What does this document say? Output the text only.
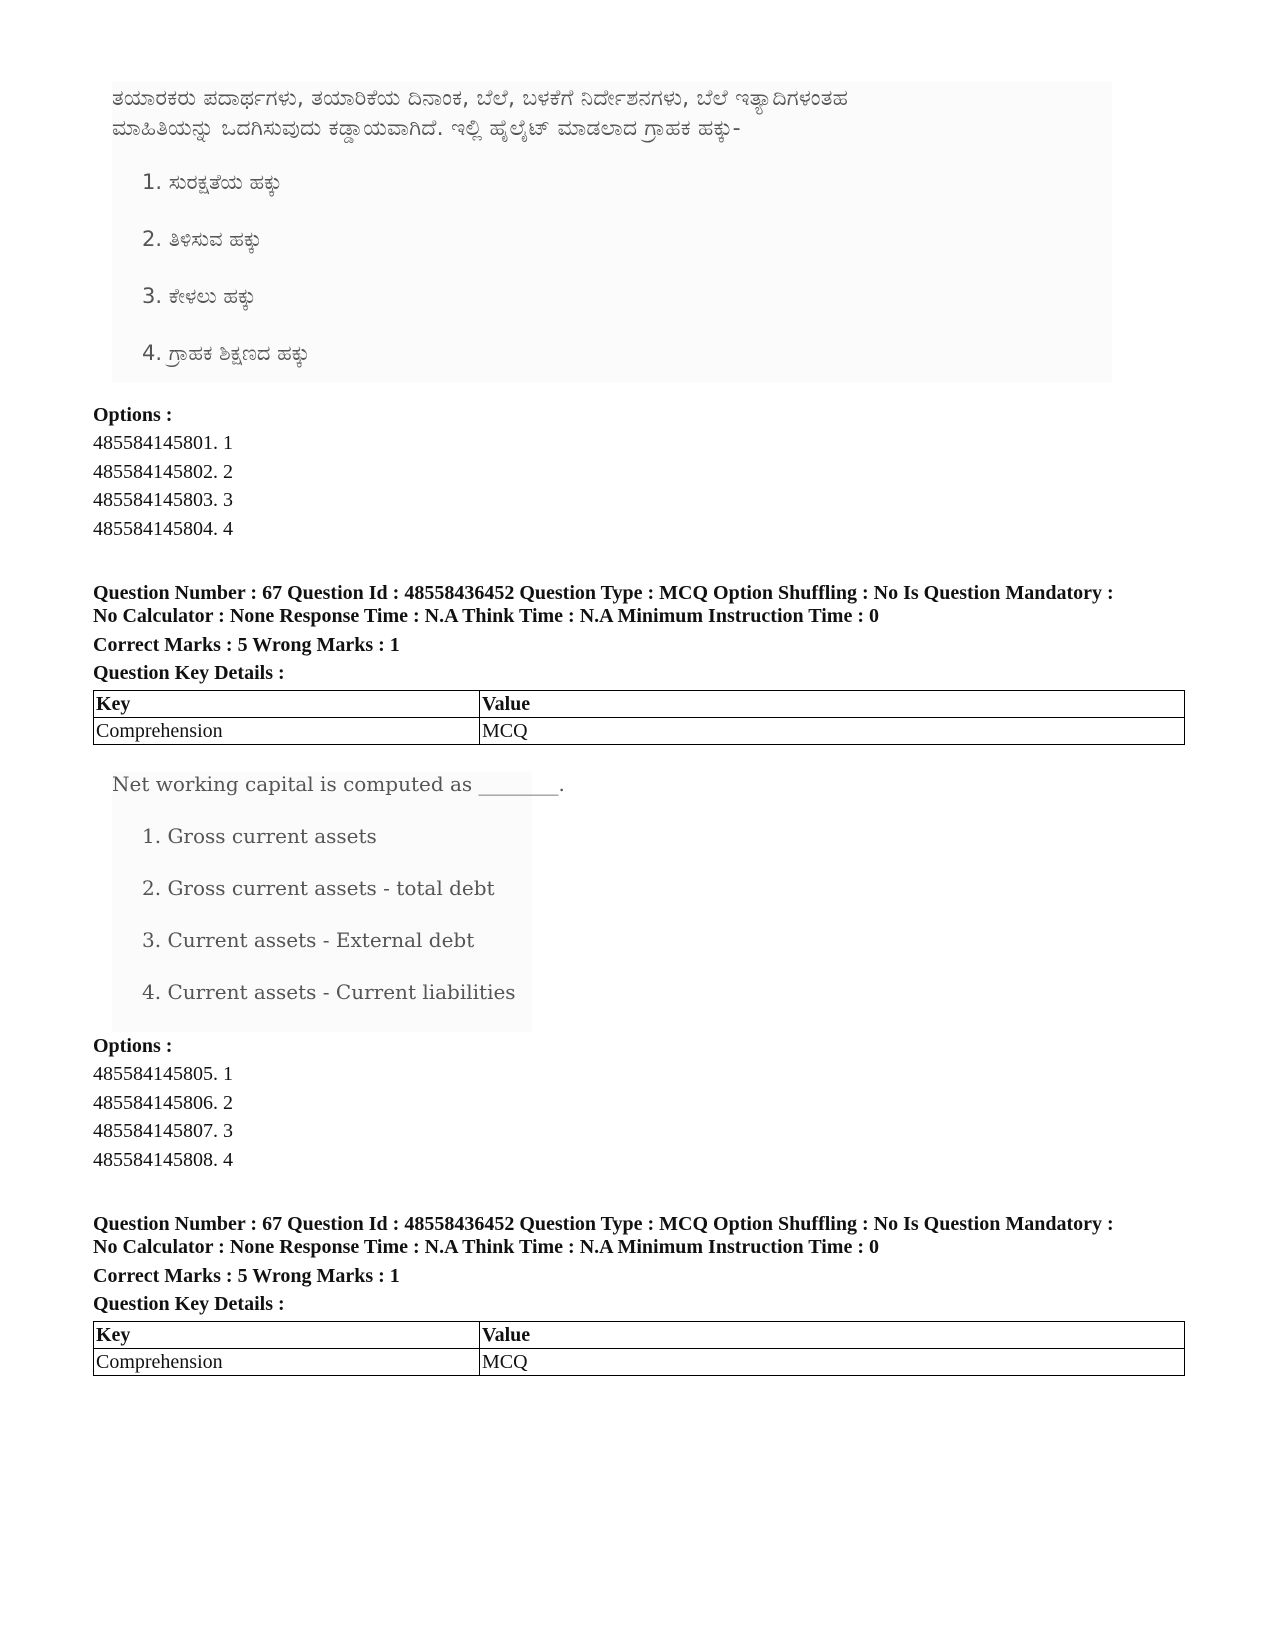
ತಯಾರಕರು ಪದಾರ್ಥಗಳು, ತಯಾರಿಕೆಯ ದಿನಾಂಕ, ಬೆಲೆ, ಬಳಕೆಗೆ ನಿರ್ದೇಶನಗಳು, ಬೆಲೆ ಇತ್ಯಾದಿಗಳಂತಹ
ಮಾಹಿತಿಯನ್ನು ಒದಗಿಸುವುದು ಕಡ್ಡಾಯವಾಗಿದೆ. ಇಲ್ಲಿ ಹೈಲೈಟ್ ಮಾಡಲಾದ ಗ್ರಾಹಕ ಹಕ್ಕು-
1. ಸುರಕ್ಷತೆಯ ಹಕ್ಕು
2. ತಿಳಿಸುವ ಹಕ್ಕು
3. ಕೇಳಲು ಹಕ್ಕು
4. ಗ್ರಾಹಕ ಶಿಕ್ಷಣದ ಹಕ್ಕು
Options :
485584145801. 1
485584145802. 2
485584145803. 3
485584145804. 4
Question Number : 67 Question Id : 48558436452 Question Type : MCQ Option Shuffling : No Is Question Mandatory :
No Calculator : None Response Time : N.A Think Time : N.A Minimum Instruction Time : 0
Correct Marks : 5 Wrong Marks : 1
Question Key Details :
Key	Value
Comprehension	MCQ
Net working capital is computed as ________.
1. Gross current assets
2. Gross current assets - total debt
3. Current assets - External debt
4. Current assets - Current liabilities
Options :
485584145805. 1
485584145806. 2
485584145807. 3
485584145808. 4
Question Number : 67 Question Id : 48558436452 Question Type : MCQ Option Shuffling : No Is Question Mandatory :
No Calculator : None Response Time : N.A Think Time : N.A Minimum Instruction Time : 0
Correct Marks : 5 Wrong Marks : 1
Question Key Details :
Key	Value
Comprehension	MCQ
